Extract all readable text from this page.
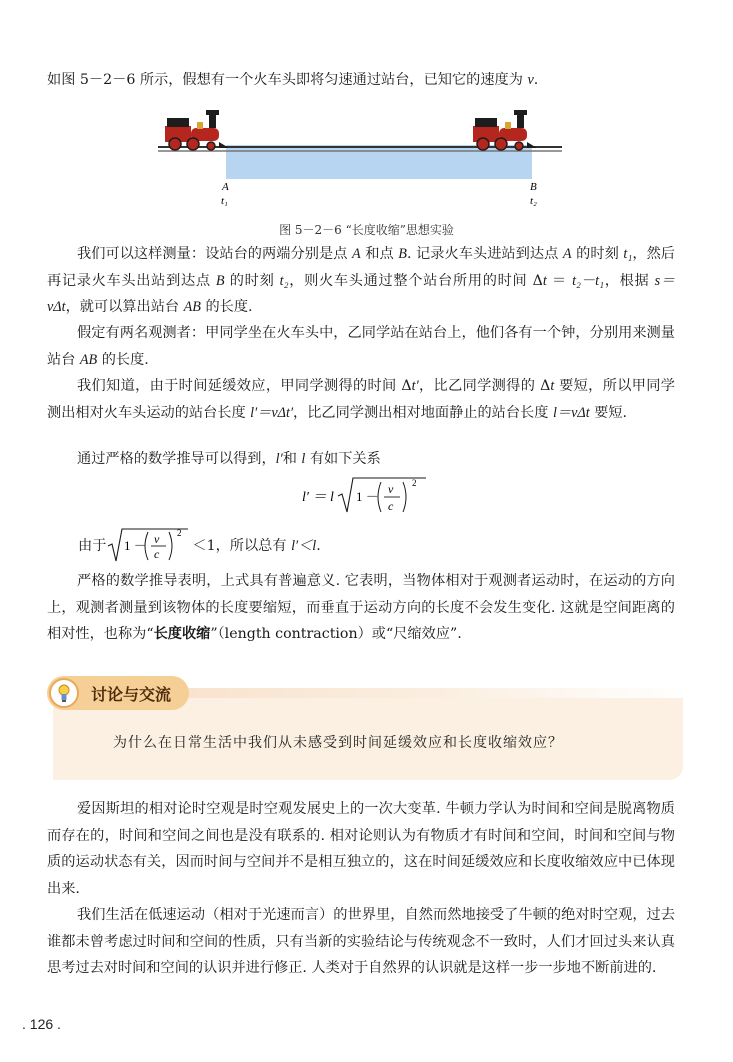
如图 5－2－6 所示，假想有一个火车头即将匀速通过站台，已知它的速度为 v.

A
t₁
B
t₂
图 5－2－6 “长度收缩”思想实验

我们可以这样测量：设站台的两端分别是点 A 和点 B. 记录火车头进站到达点 A 的时刻 t₁，然后再记录火车头出站到达点 B 的时刻 t₂，则火车头通过整个站台所用的时间 Δt ＝ t₂－t₁，根据 s＝vΔt，就可以算出站台 AB 的长度.

假定有两名观测者：甲同学坐在火车头中，乙同学站在站台上，他们各有一个钟，分别用来测量站台 AB 的长度.

我们知道，由于时间延缓效应，甲同学测得的时间 Δt′，比乙同学测得的 Δt 要短，所以甲同学测出相对火车头运动的站台长度 l′＝vΔt′，比乙同学测出相对地面静止的站台长度 l＝vΔt 要短.

通过严格的数学推导可以得到，l′和 l 有如下关系

l′ ＝ l 1 － v
c
2
由于 1 － v
c
2
＜1，所以总有 l′＜l.

严格的数学推导表明，上式具有普遍意义. 它表明，当物体相对于观测者运动时，在运动的方向上，观测者测量到该物体的长度要缩短，而垂直于运动方向的长度不会发生变化. 这就是空间距离的相对性，也称为“长度收缩”（length contraction）或“尺缩效应”.

讨论与交流
为什么在日常生活中我们从未感受到时间延缓效应和长度收缩效应？

爱因斯坦的相对论时空观是时空观发展史上的一次大变革. 牛顿力学认为时间和空间是脱离物质而存在的，时间和空间之间也是没有联系的. 相对论则认为有物质才有时间和空间，时间和空间与物质的运动状态有关，因而时间与空间并不是相互独立的，这在时间延缓效应和长度收缩效应中已体现出来.

我们生活在低速运动（相对于光速而言）的世界里，自然而然地接受了牛顿的绝对时空观，过去谁都未曾考虑过时间和空间的性质，只有当新的实验结论与传统观念不一致时，人们才回过头来认真思考过去对时间和空间的认识并进行修正. 人类对于自然界的认识就是这样一步一步地不断前进的.

. 126 .
